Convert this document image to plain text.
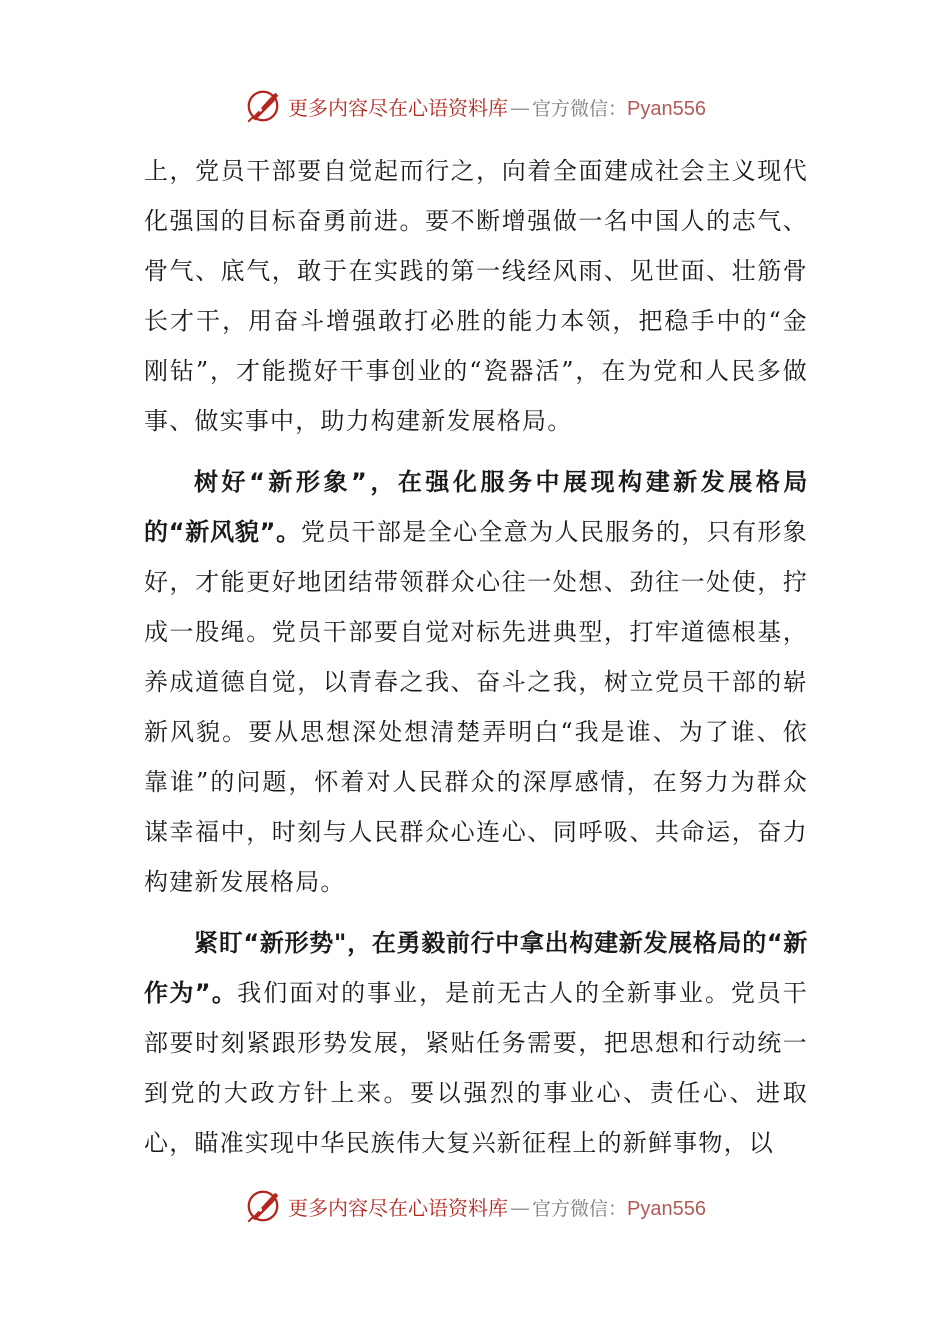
更多内容尽在心语资料库 — 官方微信： Pyan556

上，党员干部要自觉起而行之，向着全面建成社会主义现代化强国的目标奋勇前进。要不断增强做一名中国人的志气、骨气、底气，敢于在实践的第一线经风雨、见世面、壮筋骨长才干，用奋斗增强敢打必胜的能力本领，把稳手中的“金刚钻”，才能揽好干事创业的“瓷器活”，在为党和人民多做事、做实事中，助力构建新发展格局。

树好“新形象”，在强化服务中展现构建新发展格局的“新风貌”。党员干部是全心全意为人民服务的，只有形象好，才能更好地团结带领群众心往一处想、劲往一处使，拧成一股绳。党员干部要自觉对标先进典型，打牢道德根基，养成道德自觉，以青春之我、奋斗之我，树立党员干部的崭新风貌。要从思想深处想清楚弄明白“我是谁、为了谁、依靠谁”的问题，怀着对人民群众的深厚感情，在努力为群众谋幸福中，时刻与人民群众心连心、同呼吸、共命运，奋力构建新发展格局。

紧盯“新形势"，在勇毅前行中拿出构建新发展格局的“新作为”。我们面对的事业，是前无古人的全新事业。党员干部要时刻紧跟形势发展，紧贴任务需要，把思想和行动统一到党的大政方针上来。要以强烈的事业心、责任心、进取心，瞄准实现中华民族伟大复兴新征程上的新鲜事物，以

更多内容尽在心语资料库 — 官方微信： Pyan556
